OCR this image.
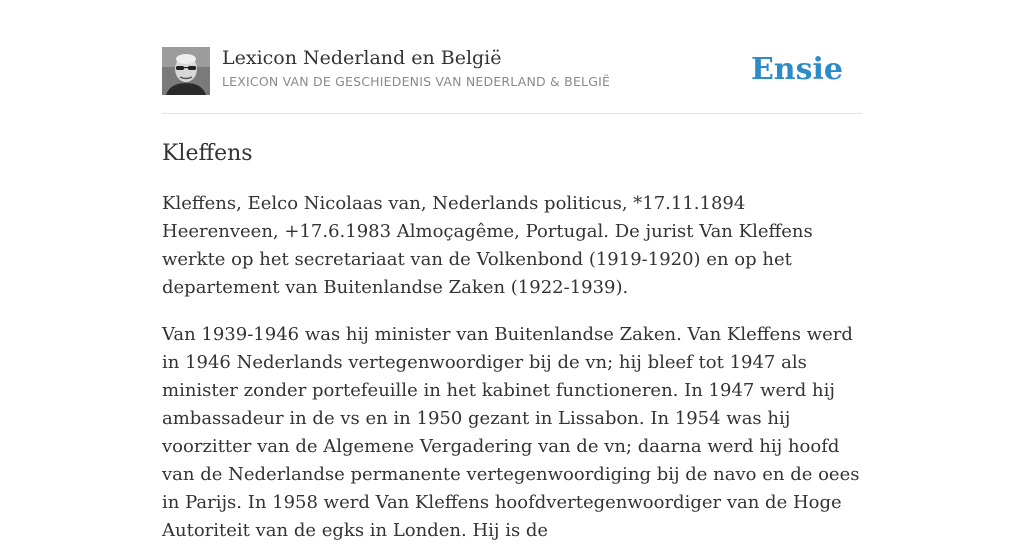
Lexicon Nederland en België
LEXICON VAN DE GESCHIEDENIS VAN NEDERLAND & BELGIË	Ensie
Kleffens

Kleffens, Eelco Nicolaas van, Nederlands politicus, *17.11.1894 Heerenveen, +17.6.1983 Almoçagême, Portugal. De jurist Van Kleffens werkte op het secretariaat van de Volkenbond (1919-1920) en op het departement van Buitenlandse Zaken (1922-1939).

Van 1939-1946 was hij minister van Buitenlandse Zaken. Van Kleffens werd in 1946 Nederlands vertegenwoordiger bij de vn; hij bleef tot 1947 als minister zonder portefeuille in het kabinet functioneren. In 1947 werd hij ambassadeur in de vs en in 1950 gezant in Lissabon. In 1954 was hij voorzitter van de Algemene Vergadering van de vn; daarna werd hij hoofd van de Nederlandse permanente vertegenwoordiging bij de navo en de oees in Parijs. In 1958 werd Van Kleffens hoofdvertegenwoordiger van de Hoge Autoriteit van de egks in Londen. Hij is de
